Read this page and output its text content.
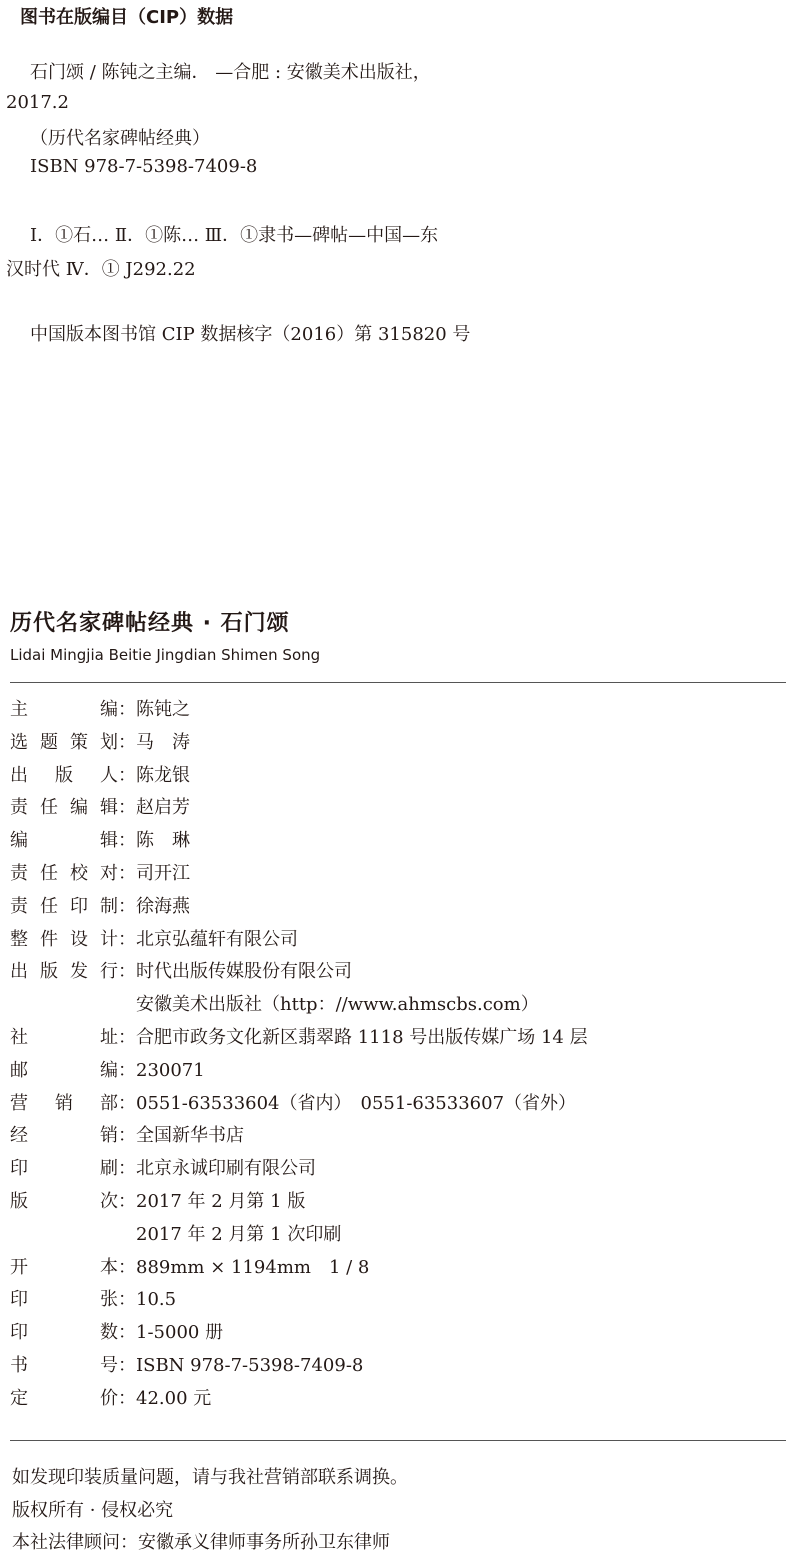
图书在版编目（CIP）数据
石门颂 / 陈钝之主编． —合肥 : 安徽美术出版社，
2017.2
（历代名家碑帖经典）
ISBN 978-7-5398-7409-8
Ⅰ．①石… Ⅱ．①陈… Ⅲ．①隶书—碑帖—中国—东
汉时代 Ⅳ．① J292.22
中国版本图书馆 CIP 数据核字（2016）第 315820 号
历代名家碑帖经典 · 石门颂
Lidai Mingjia Beitie Jingdian Shimen Song
主	编 ： 陈钝之
选 题 策 划 ： 马　涛
出 版 人 ： 陈龙银
责 任 编 辑 ： 赵启芳
编	辑 ： 陈　琳
责 任 校 对 ： 司开江
责 任 印 制 ： 徐海燕
整 件 设 计 ： 北京弘蕴轩有限公司
出 版 发 行 ： 时代出版传媒股份有限公司
安徽美术出版社（http：//www.ahmscbs.com）
社	址 ： 合肥市政务文化新区翡翠路 1118 号出版传媒广场 14 层
邮	编 ： 230071
营 销 部 ： 0551-63533604（省内）　0551-63533607（省外）
经	销 ： 全国新华书店
印	刷 ： 北京永诚印刷有限公司
版	次 ： 2017 年 2 月第 1 版
2017 年 2 月第 1 次印刷
开	本 ： 889mm × 1194mm　1 / 8
印	张 ： 10.5
印	数 ： 1-5000 册
书	号 ： ISBN 978-7-5398-7409-8
定	价 ： 42.00 元
如发现印装质量问题，请与我社营销部联系调换。
版权所有 · 侵权必究
本社法律顾问：安徽承义律师事务所孙卫东律师
